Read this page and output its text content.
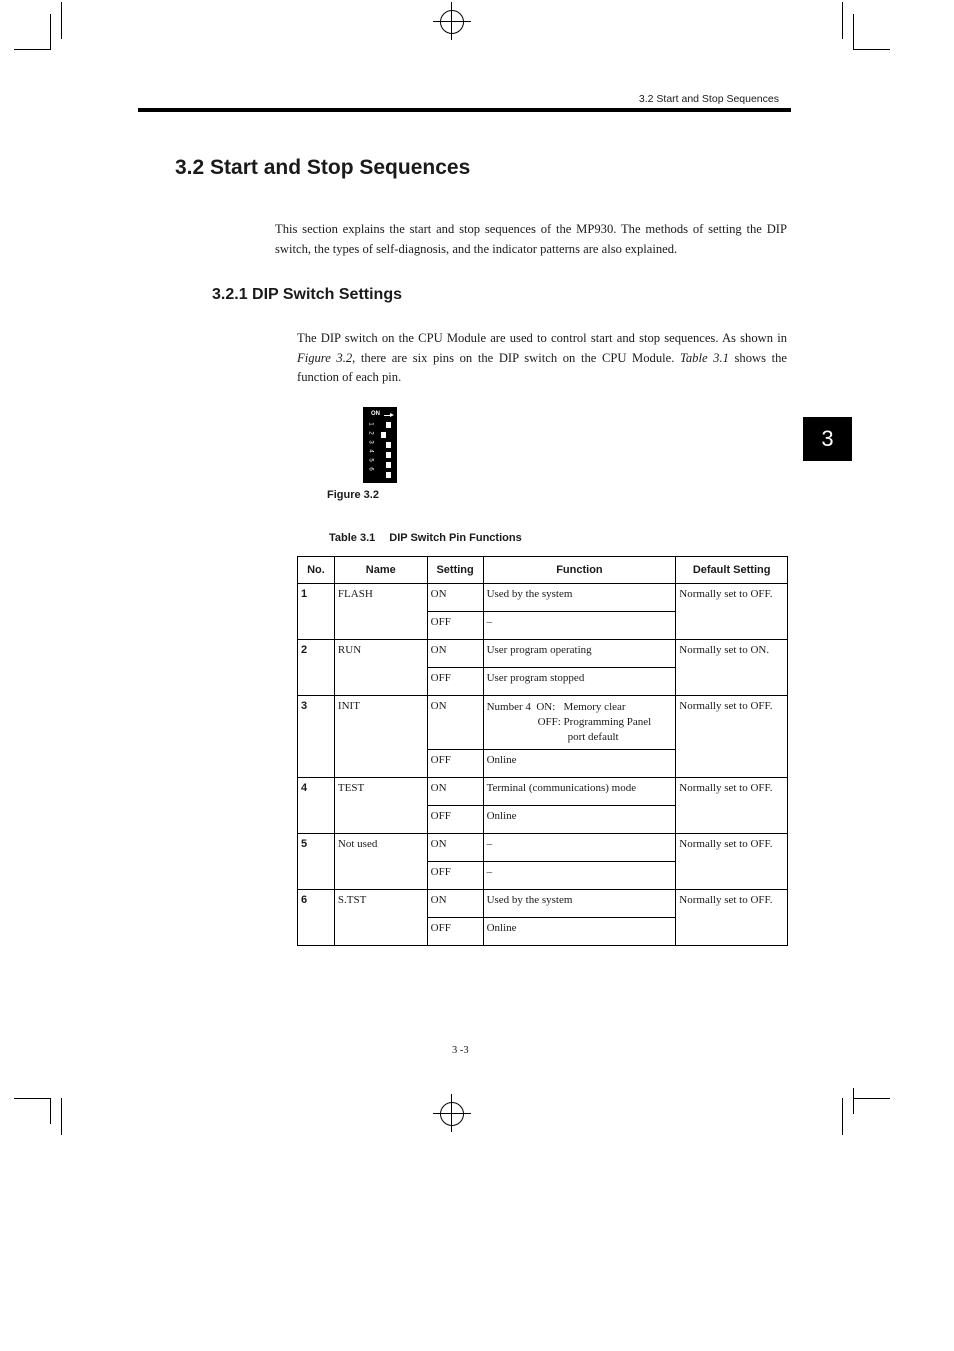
3.2 Start and Stop Sequences
3.2 Start and Stop Sequences

This section explains the start and stop sequences of the MP930. The methods of setting the DIP switch, the types of self-diagnosis, and the indicator patterns are also explained.

3.2.1 DIP Switch Settings

The DIP switch on the CPU Module are used to control start and stop sequences. As shown in Figure 3.2, there are six pins on the DIP switch on the CPU Module. Table 3.1 shows the function of each pin.

3
ON
1
2
3
4
5
6
Figure 3.2
Table 3.1 DIP Switch Pin Functions
No.	Name	Setting	Function	Default Setting
1	FLASH	ON	Used by the system	Normally set to OFF.
		OFF	–	
2	RUN	ON	User program operating	Normally set to ON.
		OFF	User program stopped	
3	INIT	ON	Number 4  ON:   Memory clear
OFF: Programming Panel
port default	Normally set to OFF.
		OFF	Online	
4	TEST	ON	Terminal (communications) mode	Normally set to OFF.
		OFF	Online	
5	Not used	ON	–	Normally set to OFF.
		OFF	–	
6	S.TST	ON	Used by the system	Normally set to OFF.
		OFF	Online	
3 -3
